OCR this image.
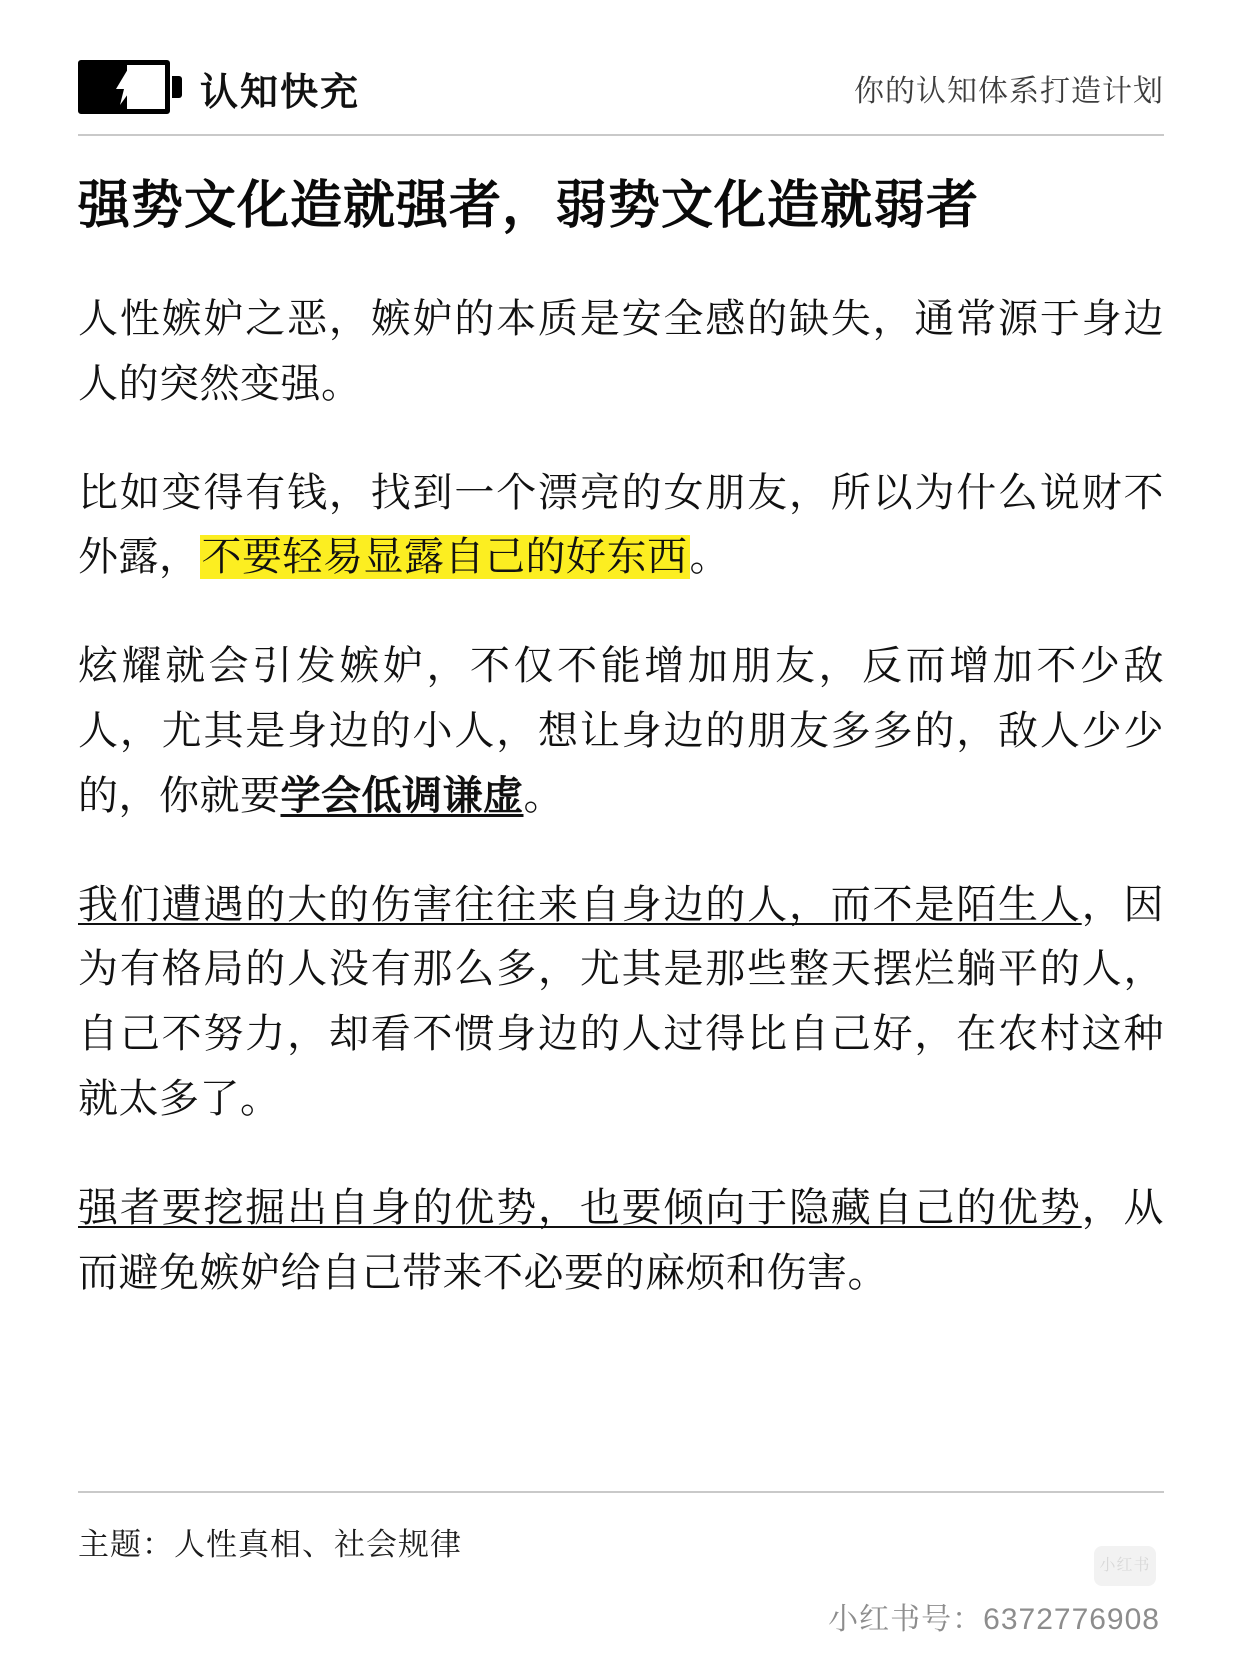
认知快充	你的认知体系打造计划
强势文化造就强者，弱势文化造就弱者

人性嫉妒之恶，嫉妒的本质是安全感的缺失，通常源于身边人的突然变强。

比如变得有钱，找到一个漂亮的女朋友，所以为什么说财不外露，不要轻易显露自己的好东西。

炫耀就会引发嫉妒，不仅不能增加朋友，反而增加不少敌人，尤其是身边的小人，想让身边的朋友多多的，敌人少少的，你就要学会低调谦虚。

我们遭遇的大的伤害往往来自身边的人，而不是陌生人，因为有格局的人没有那么多，尤其是那些整天摆烂躺平的人，自己不努力，却看不惯身边的人过得比自己好，在农村这种就太多了。

强者要挖掘出自身的优势，也要倾向于隐藏自己的优势，从而避免嫉妒给自己带来不必要的麻烦和伤害。

主题：人性真相、社会规律
小红书
小红书号：6372776908
